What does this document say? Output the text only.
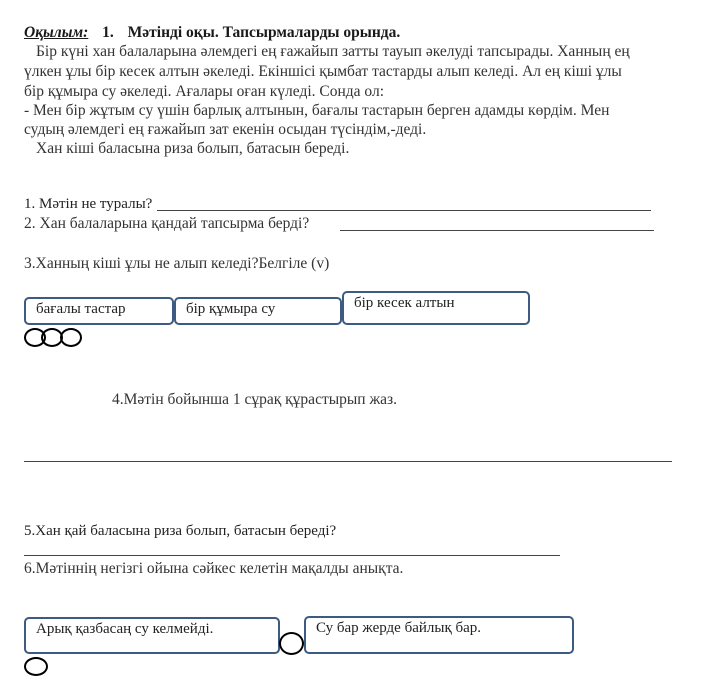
Оқылым: 1. Мәтінді оқы. Тапсырмаларды орында.
Бір күні хан балаларына әлемдегі ең ғажайып затты тауып әкелуді тапсырады. Ханның ең
үлкен ұлы бір кесек алтын әкеледі. Екіншісі қымбат тастарды алып келеді. Ал ең кіші ұлы
бір құмыра су әкеледі. Ағалары оған күледі. Сонда ол:
- Мен бір жұтым су үшін барлық алтынын, бағалы тастарын берген адамды көрдім. Мен
судың әлемдегі ең ғажайып зат екенін осыдан түсіндім,-деді.
Хан кіші баласына риза болып, батасын береді.
1. Мәтін не туралы?
2. Хан балаларына қандай тапсырма берді?
3.Ханның кіші ұлы не алып келеді?Белгіле (v)
бағалы тастар	бір құмыра су	бір кесек алтын
4.Мәтін бойынша 1 сұрақ құрастырып жаз.
5.Хан қай баласына риза болып, батасын береді?
6.Мәтіннің негізгі ойына сәйкес келетін мақалды анықта.
Арық қазбасаң су келмейді.	Су бар жерде байлық бар.
